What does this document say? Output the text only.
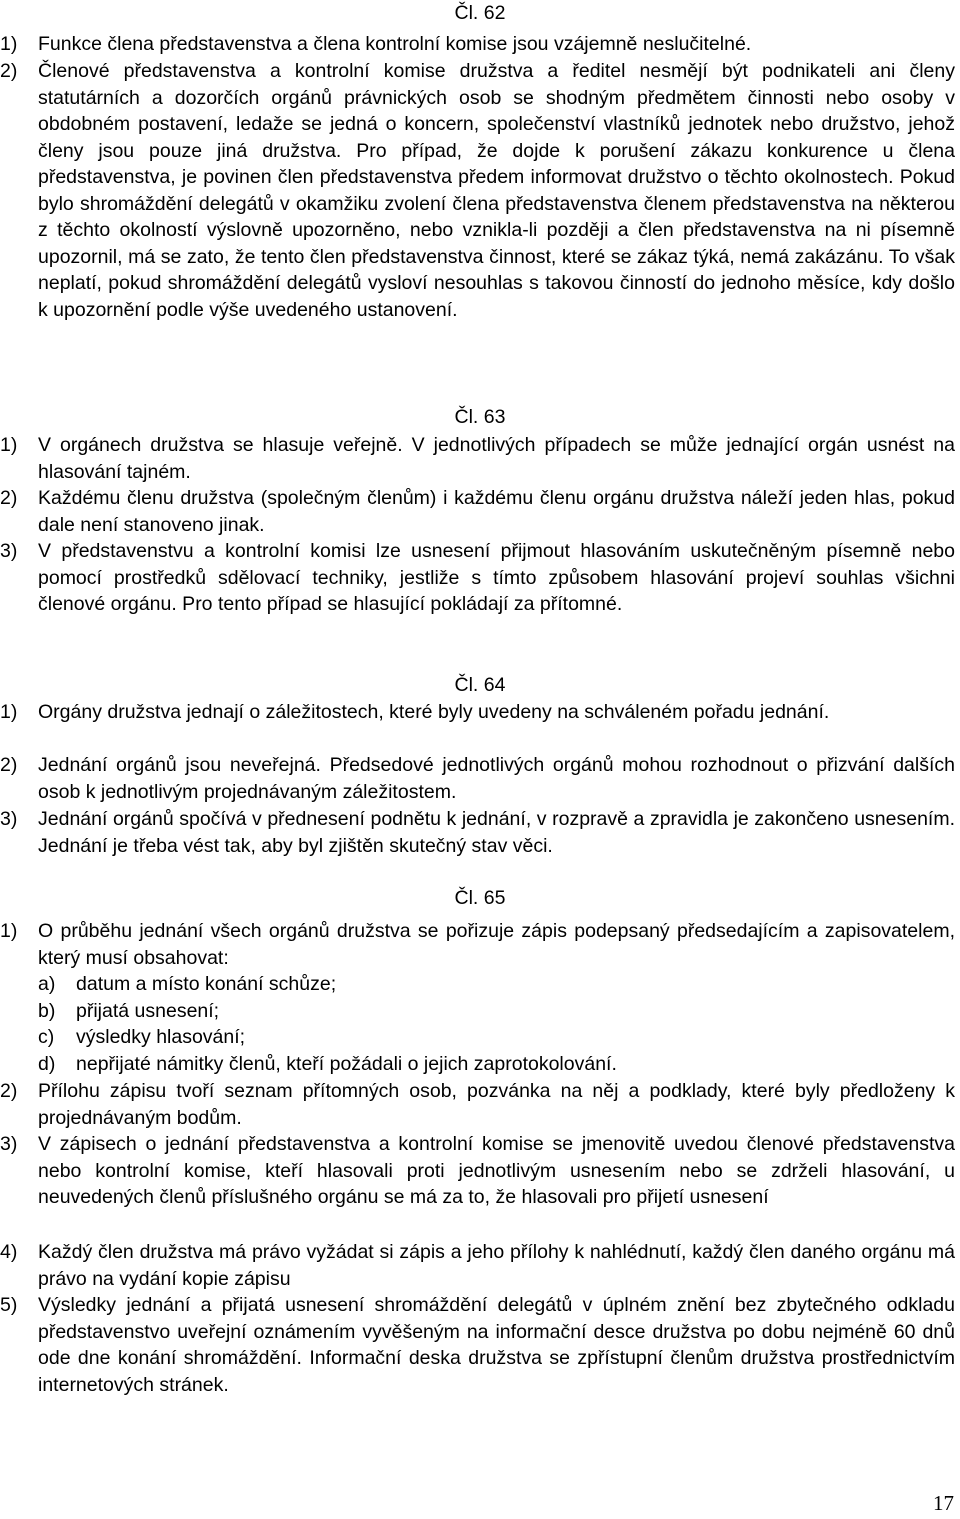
Čl. 62
1) Funkce člena představenstva a člena kontrolní komise jsou vzájemně neslučitelné.
2) Členové představenstva a kontrolní komise družstva a ředitel nesmějí být podnikateli ani členy statutárních a dozorčích orgánů právnických osob se shodným předmětem činnosti nebo osoby v obdobném postavení, ledaže se jedná o koncern, společenství vlastníků jednotek nebo družstvo, jehož členy jsou pouze jiná družstva. Pro případ, že dojde k porušení zákazu konkurence u člena představenstva, je povinen člen představenstva předem informovat družstvo o těchto okolnostech. Pokud bylo shromáždění delegátů v okamžiku zvolení člena představenstva členem představenstva na některou z těchto okolností výslovně upozorněno, nebo vznikla-li později a člen představenstva na ni písemně upozornil, má se zato, že tento člen představenstva činnost, které se zákaz týká, nemá zakázánu. To však neplatí, pokud shromáždění delegátů vysloví nesouhlas s takovou činností do jednoho měsíce, kdy došlo k upozornění podle výše uvedeného ustanovení.
Čl. 63
1) V orgánech družstva se hlasuje veřejně. V jednotlivých případech se může jednající orgán usnést na hlasování tajném.
2) Každému členu družstva (společným členům) i každému členu orgánu družstva náleží jeden hlas, pokud dale není stanoveno jinak.
3) V představenstvu a kontrolní komisi lze usnesení přijmout hlasováním uskutečněným písemně nebo pomocí prostředků sdělovací techniky, jestliže s tímto způsobem hlasování projeví souhlas všichni členové orgánu. Pro tento případ se hlasující pokládají za přítomné.
Čl. 64
1) Orgány družstva jednají o záležitostech, které byly uvedeny na schváleném pořadu jednání.
2) Jednání orgánů jsou neveřejná. Předsedové jednotlivých orgánů mohou rozhodnout o přizvání dalších osob k jednotlivým projednávaným záležitostem.
3) Jednání orgánů spočívá v přednesení podnětu k jednání, v rozpravě a zpravidla je zakončeno usnesením. Jednání je třeba vést tak, aby byl zjištěn skutečný stav věci.
Čl. 65
1) O průběhu jednání všech orgánů družstva se pořizuje zápis podepsaný předsedajícím a zapisovatelem, který musí obsahovat:
a) datum a místo konání schůze;
b) přijatá usnesení;
c) výsledky hlasování;
d) nepřijaté námitky členů, kteří požádali o jejich zaprotokolování.
2) Přílohu zápisu tvoří seznam přítomných osob, pozvánka na něj a podklady, které byly předloženy k projednávaným bodům.
3) V zápisech o jednání představenstva a kontrolní komise se jmenovitě uvedou členové představenstva nebo kontrolní komise, kteří hlasovali proti jednotlivým usnesením nebo se zdrželi hlasování, u neuvedených členů příslušného orgánu se má za to, že hlasovali pro přijetí usnesení
4) Každý člen družstva má právo vyžádat si zápis a jeho přílohy k nahlédnutí, každý člen daného orgánu má právo na vydání kopie zápisu
5) Výsledky jednání a přijatá usnesení shromáždění delegátů v úplném znění bez zbytečného odkladu představenstvo uveřejní oznámením vyvěšeným na informační desce družstva po dobu nejméně 60 dnů ode dne konání shromáždění. Informační deska družstva se zpřístupní členům družstva prostřednictvím internetových stránek.
17
